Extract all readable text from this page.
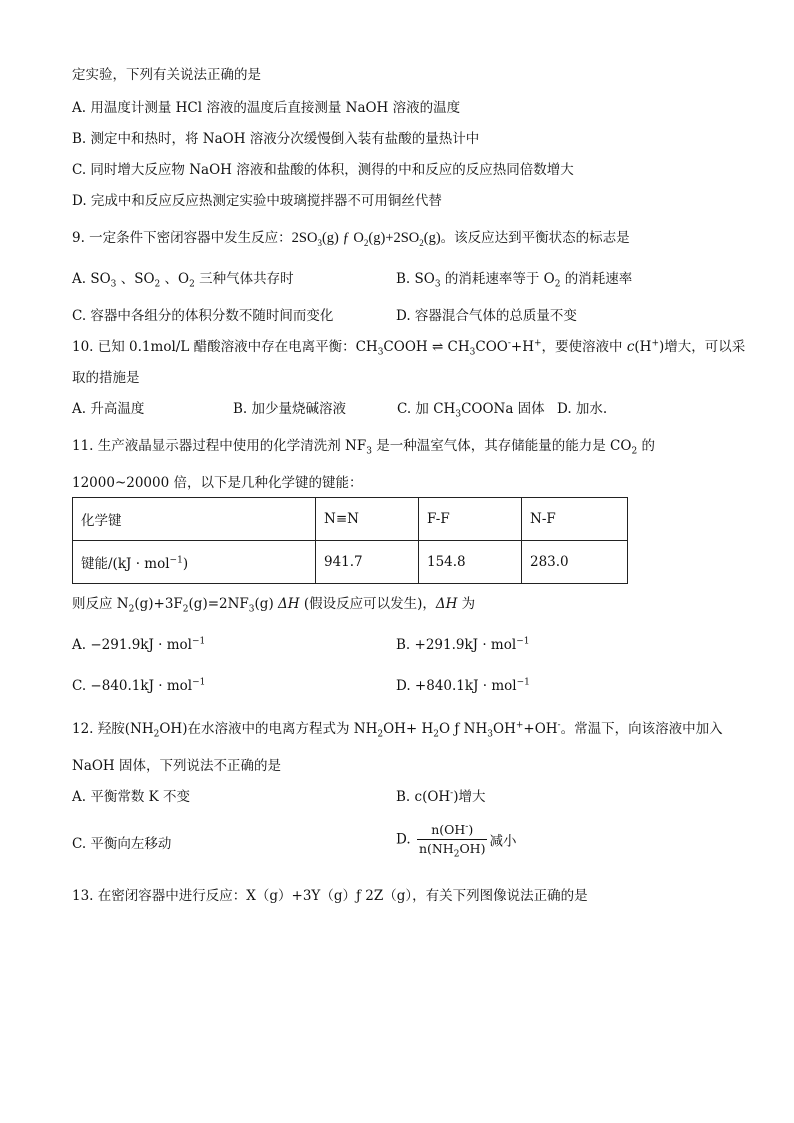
定实验，下列有关说法正确的是
A. 用温度计测量 HCl 溶液的温度后直接测量 NaOH 溶液的温度
B. 测定中和热时，将 NaOH 溶液分次缓慢倒入装有盐酸的量热计中
C. 同时增大反应物 NaOH 溶液和盐酸的体积，测得的中和反应的反应热同倍数增大
D. 完成中和反应反应热测定实验中玻璃搅拌器不可用铜丝代替
9. 一定条件下密闭容器中发生反应：$2SO_3(g)$ ƒ $O_2(g)+2SO_2(g)$。该反应达到平衡状态的标志是
A. $SO_3$ 、$SO_2$ 、$O_2$ 三种气体共存时	B. $SO_3$ 的消耗速率等于 $O_2$ 的消耗速率
C. 容器中各组分的体积分数不随时间而变化	D. 容器混合气体的总质量不变
10. 已知 0.1mol/L 醋酸溶液中存在电离平衡：$CH_3COOH$ ⇌ $CH_3COO^-+H^+$，要使溶液中 c(H+)增大，可以采
取的措施是
A. 升高温度	B. 加少量烧碱溶液	C. 加 $CH_3COONa$ 固体 D. 加水.
11. 生产液晶显示器过程中使用的化学清洗剂 $NF_3$ 是一种温室气体，其存储能量的能力是 $CO_2$ 的
12000~20000 倍，以下是几种化学键的键能：
化学键	N≡N	F-F	N-F
键能/(kJ · mol$^{-1}$)	941.7	154.8	283.0
则反应 $N_2(g)+3F_2(g)=2NF_3(g)$ ΔH (假设反应可以发生)，ΔH 为
A. −291.9kJ · mol$^{-1}$	B. +291.9kJ · mol$^{-1}$
C. −840.1kJ · mol$^{-1}$	D. +840.1kJ · mol$^{-1}$
12. 羟胺$(NH_2OH)$在水溶液中的电离方程式为 $NH_2OH+ H_2O$ ƒ $NH_3OH^++OH^-$。常温下，向该溶液中加入
NaOH 固体，下列说法不正确的是
A. 平衡常数 K 不变	B. c(OH-)增大
C. 平衡向左移动	D. $\frac{n(OH^-)}{n(NH_2OH)}$ 减小
13. 在密闭容器中进行反应：X（g）+3Y（g）ƒ 2Z（g），有关下列图像说法正确的是
